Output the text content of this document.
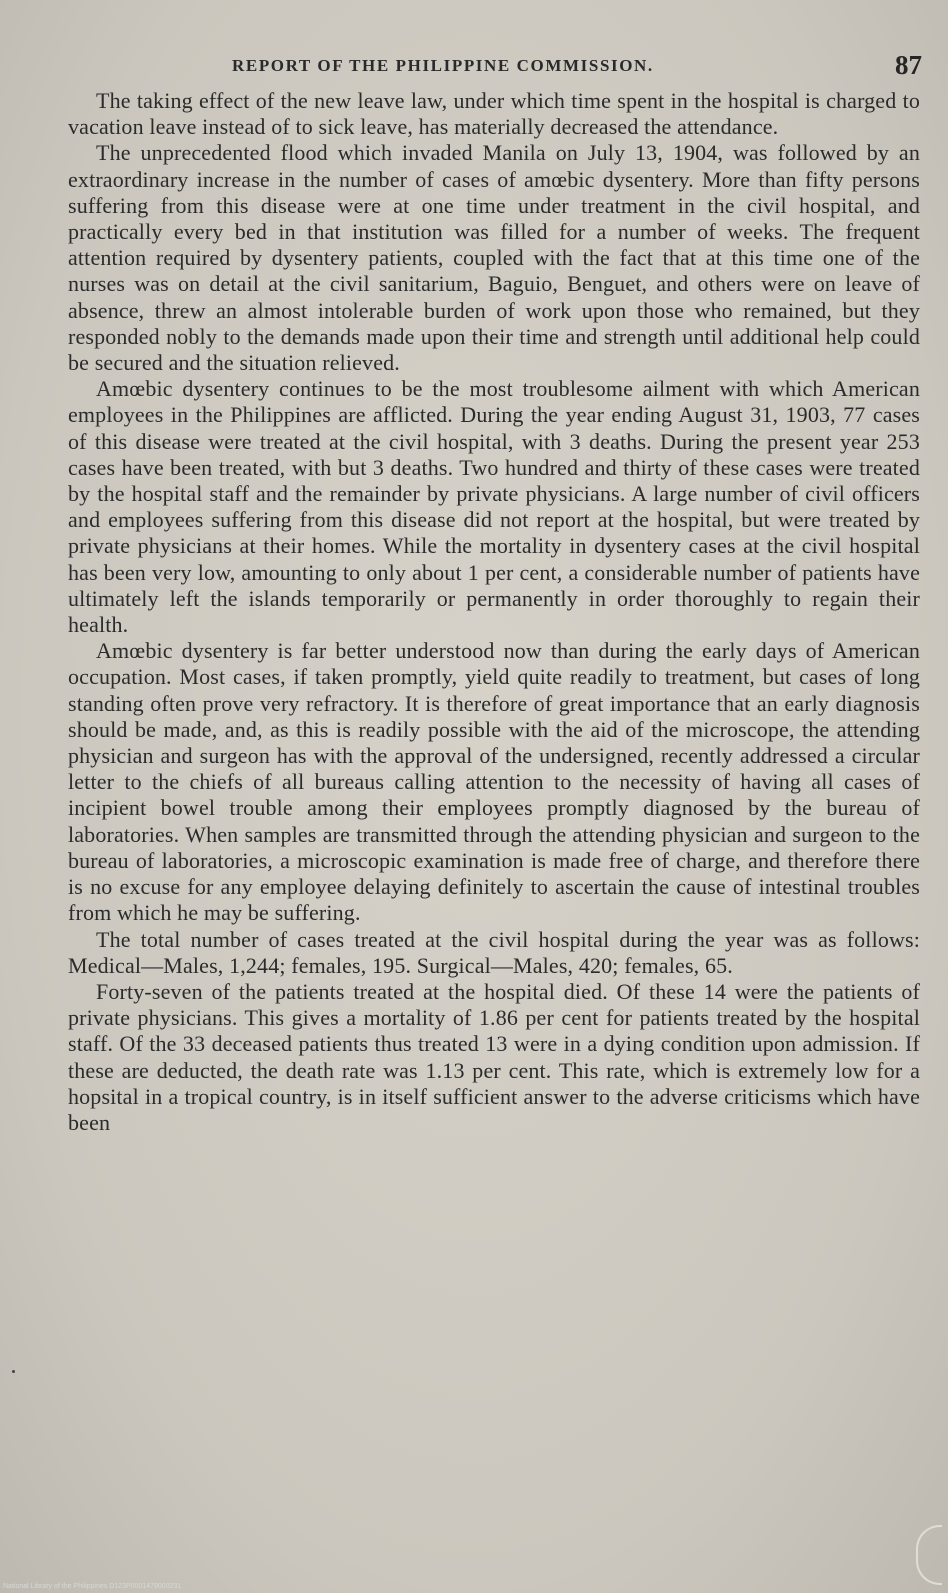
REPORT OF THE PHILIPPINE COMMISSION.	87

The taking effect of the new leave law, under which time spent in the hospital is charged to vacation leave instead of to sick leave, has materially decreased the attendance.

The unprecedented flood which invaded Manila on July 13, 1904, was followed by an extraordinary increase in the number of cases of amœbic dysentery. More than fifty persons suffering from this disease were at one time under treatment in the civil hospital, and practically every bed in that institution was filled for a number of weeks. The frequent attention required by dysentery patients, coupled with the fact that at this time one of the nurses was on detail at the civil sanitarium, Baguio, Benguet, and others were on leave of absence, threw an almost intolerable burden of work upon those who remained, but they responded nobly to the demands made upon their time and strength until additional help could be secured and the situation relieved.

Amœbic dysentery continues to be the most troublesome ailment with which American employees in the Philippines are afflicted. During the year ending August 31, 1903, 77 cases of this disease were treated at the civil hospital, with 3 deaths. During the present year 253 cases have been treated, with but 3 deaths. Two hundred and thirty of these cases were treated by the hospital staff and the remainder by private physicians. A large number of civil officers and employees suffering from this disease did not report at the hospital, but were treated by private physicians at their homes. While the mortality in dysentery cases at the civil hospital has been very low, amounting to only about 1 per cent, a considerable number of patients have ultimately left the islands temporarily or permanently in order thoroughly to regain their health.

Amœbic dysentery is far better understood now than during the early days of American occupation. Most cases, if taken promptly, yield quite readily to treatment, but cases of long standing often prove very refractory. It is therefore of great importance that an early diagnosis should be made, and, as this is readily possible with the aid of the microscope, the attending physician and surgeon has with the approval of the undersigned, recently addressed a circular letter to the chiefs of all bureaus calling attention to the necessity of having all cases of incipient bowel trouble among their employees promptly diagnosed by the bureau of laboratories. When samples are transmitted through the attending physician and surgeon to the bureau of laboratories, a microscopic examination is made free of charge, and therefore there is no excuse for any employee delaying definitely to ascertain the cause of intestinal troubles from which he may be suffering.

The total number of cases treated at the civil hospital during the year was as follows: Medical—Males, 1,244; females, 195. Surgical—Males, 420; females, 65.

Forty-seven of the patients treated at the hospital died. Of these 14 were the patients of private physicians. This gives a mortality of 1.86 per cent for patients treated by the hospital staff. Of the 33 deceased patients thus treated 13 were in a dying condition upon admission. If these are deducted, the death rate was 1.13 per cent. This rate, which is extremely low for a hopsital in a tropical country, is in itself sufficient answer to the adverse criticisms which have been

National Library of the Philippines D123P0001479000231
